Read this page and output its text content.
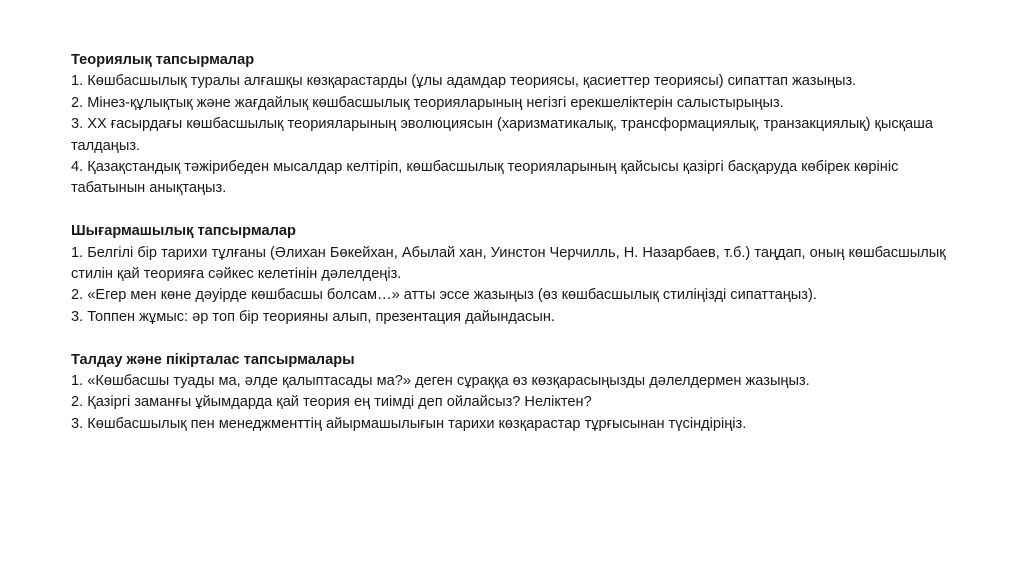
Теориялық тапсырмалар

1. Көшбасшылық туралы алғашқы көзқарастарды (ұлы адамдар теориясы, қасиеттер теориясы) сипаттап жазыңыз.

2. Мінез-құлықтық және жағдайлық көшбасшылық теорияларының негізгі ерекшеліктерін салыстырыңыз.

3. XX ғасырдағы көшбасшылық теорияларының эволюциясын (харизматикалық, трансформациялық, транзакциялық) қысқаша талдаңыз.

4. Қазақстандық тәжірибеден мысалдар келтіріп, көшбасшылық теорияларының қайсысы қазіргі басқаруда көбірек көрініс табатынын анықтаңыз.

Шығармашылық тапсырмалар

1. Белгілі бір тарихи тұлғаны (Әлихан Бөкейхан, Абылай хан, Уинстон Черчилль, Н. Назарбаев, т.б.) таңдап, оның көшбасшылық стилін қай теорияға сәйкес келетінін дәлелдеңіз.

2. «Егер мен көне дәуірде көшбасшы болсам…» атты эссе жазыңыз (өз көшбасшылық стиліңізді сипаттаңыз).

3. Топпен жұмыс: әр топ бір теорияны алып, презентация дайындасын.

Талдау және пікірталас тапсырмалары

1. «Көшбасшы туады ма, әлде қалыптасады ма?» деген сұраққа өз көзқарасыңызды дәлелдермен жазыңыз.

2. Қазіргі заманғы ұйымдарда қай теория ең тиімді деп ойлайсыз? Неліктен?

3. Көшбасшылық пен менеджменттің айырмашылығын тарихи көзқарастар тұрғысынан түсіндіріңіз.
